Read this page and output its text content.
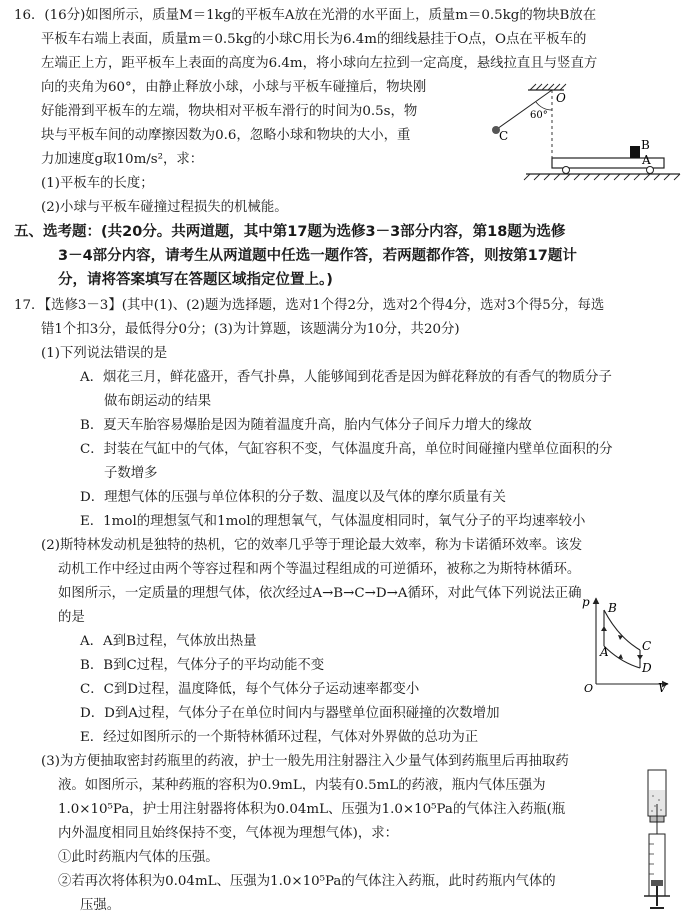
16．(16分)如图所示，质量M＝1kg的平板车A放在光滑的水平面上，质量m＝0.5kg的物块B放在
平板车右端上表面，质量m＝0.5kg的小球C用长为6.4m的细线悬挂于O点，O点在平板车的
左端正上方，距平板车上表面的高度为6.4m，将小球向左拉到一定高度，悬线拉直且与竖直方
向的夹角为60°，由静止释放小球，小球与平板车碰撞后，物块刚
好能滑到平板车的左端，物块相对平板车滑行的时间为0.5s，物
块与平板车间的动摩擦因数为0.6，忽略小球和物块的大小，重
力加速度g取10m/s²，求：
(1)平板车的长度；
(2)小球与平板车碰撞过程损失的机械能。
O
60°
C
B
A
五、选考题：(共20分。共两道题，其中第17题为选修3－3部分内容，第18题为选修
3－4部分内容，请考生从两道题中任选一题作答，若两题都作答，则按第17题计
分，请将答案填写在答题区域指定位置上。)
17．【选修3－3】(其中(1)、(2)题为选择题，选对1个得2分，选对2个得4分，选对3个得5分，每选
错1个扣3分，最低得分0分；(3)为计算题，该题满分为10分，共20分)
(1)下列说法错误的是
A．烟花三月，鲜花盛开，香气扑鼻，人能够闻到花香是因为鲜花释放的有香气的物质分子
做布朗运动的结果
B．夏天车胎容易爆胎是因为随着温度升高，胎内气体分子间斥力增大的缘故
C．封装在气缸中的气体，气缸容积不变，气体温度升高，单位时间碰撞内壁单位面积的分
子数增多
D．理想气体的压强与单位体积的分子数、温度以及气体的摩尔质量有关
E．1mol的理想氢气和1mol的理想氧气，气体温度相同时，氧气分子的平均速率较小
(2)斯特林发动机是独特的热机，它的效率几乎等于理论最大效率，称为卡诺循环效率。该发
动机工作中经过由两个等容过程和两个等温过程组成的可逆循环，被称之为斯特林循环。
如图所示，一定质量的理想气体，依次经过A→B→C→D→A循环，对此气体下列说法正确
的是
A．A到B过程，气体放出热量
B．B到C过程，气体分子的平均动能不变
C．C到D过程，温度降低，每个气体分子运动速率都变小
D．D到A过程，气体分子在单位时间内与器壁单位面积碰撞的次数增加
E．经过如图所示的一个斯特林循环过程，气体对外界做的总功为正
p
V
O
B
A	C
D
(3)为方便抽取密封药瓶里的药液，护士一般先用注射器注入少量气体到药瓶里后再抽取药
液。如图所示，某种药瓶的容积为0.9mL，内装有0.5mL的药液，瓶内气体压强为
1.0×10⁵Pa，护士用注射器将体积为0.04mL、压强为1.0×10⁵Pa的气体注入药瓶(瓶
内外温度相同且始终保持不变，气体视为理想气体)，求：
①此时药瓶内气体的压强。
②若再次将体积为0.04mL、压强为1.0×10⁵Pa的气体注入药瓶，此时药瓶内气体的
压强。
